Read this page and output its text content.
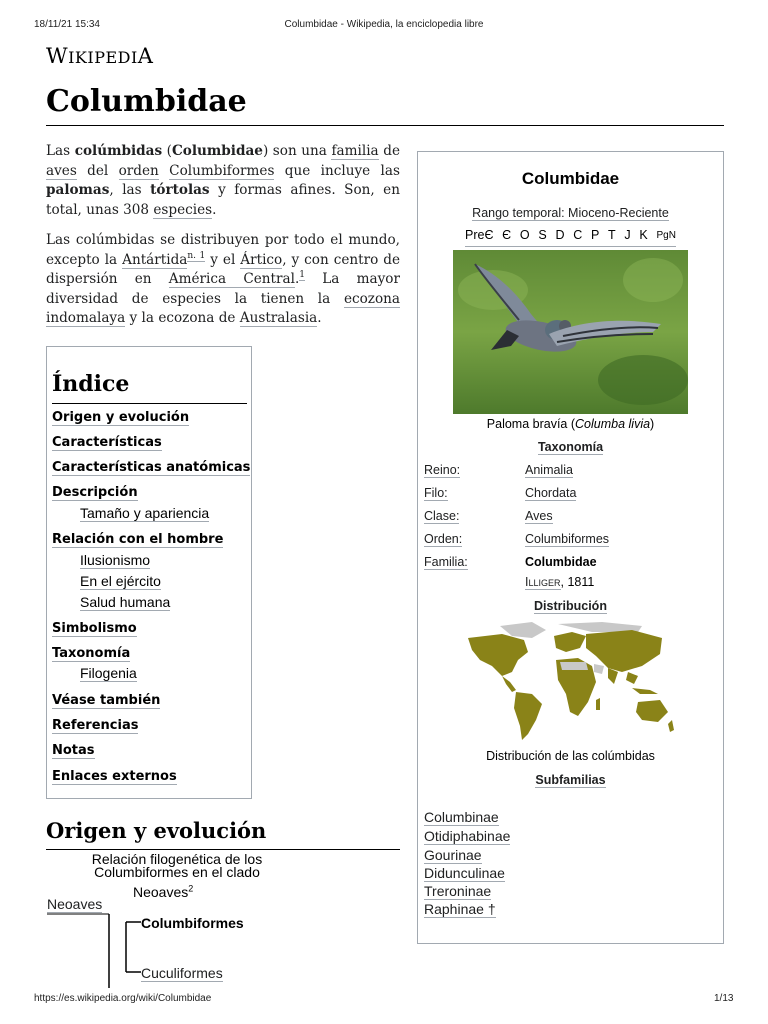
18/11/21 15:34	Columbidae - Wikipedia, la enciclopedia libre
https://es.wikipedia.org/wiki/Columbidae	1/13
WIKIPEDIA
Columbidae
Las colúmbidas (Columbidae) son una familia de aves del orden Columbiformes que incluye las palomas, las tórtolas y formas afines. Son, en total, unas 308 especies.
Las colúmbidas se distribuyen por todo el mundo, excepto la Antártida$^{n. 1}$ y el Ártico, y con centro de dispersión en América Central.$^1$ La mayor diversidad de especies la tienen la ecozona indomalaya y la ecozona de Australasia.
Índice
Origen y evolución
Características
Características anatómicas
Descripción
Tamaño y apariencia
Relación con el hombre
Ilusionismo
En el ejército
Salud humana
Simbolismo
Taxonomía
Filogenia
Véase también
Referencias
Notas
Enlaces externos
Origen y evolución
Relación filogenética de los
Columbiformes en el clado
Neoaves$^2$
Neoaves
Columbiformes
Cuculiformes
Columbidae
Rango temporal: Mioceno-Reciente
PreЄ Є O S D C P T J K PgN
Paloma bravía (Columba livia)
Taxonomía
Reino:	Animalia
Filo:	Chordata
Clase:	Aves
Orden:	Columbiformes
Familia:	Columbidae
Illiger, 1811
Distribución
Distribución de las colúmbidas
Subfamilias
Columbinae
Otidiphabinae
Gourinae
Didunculinae
Treroninae
Raphinae †
